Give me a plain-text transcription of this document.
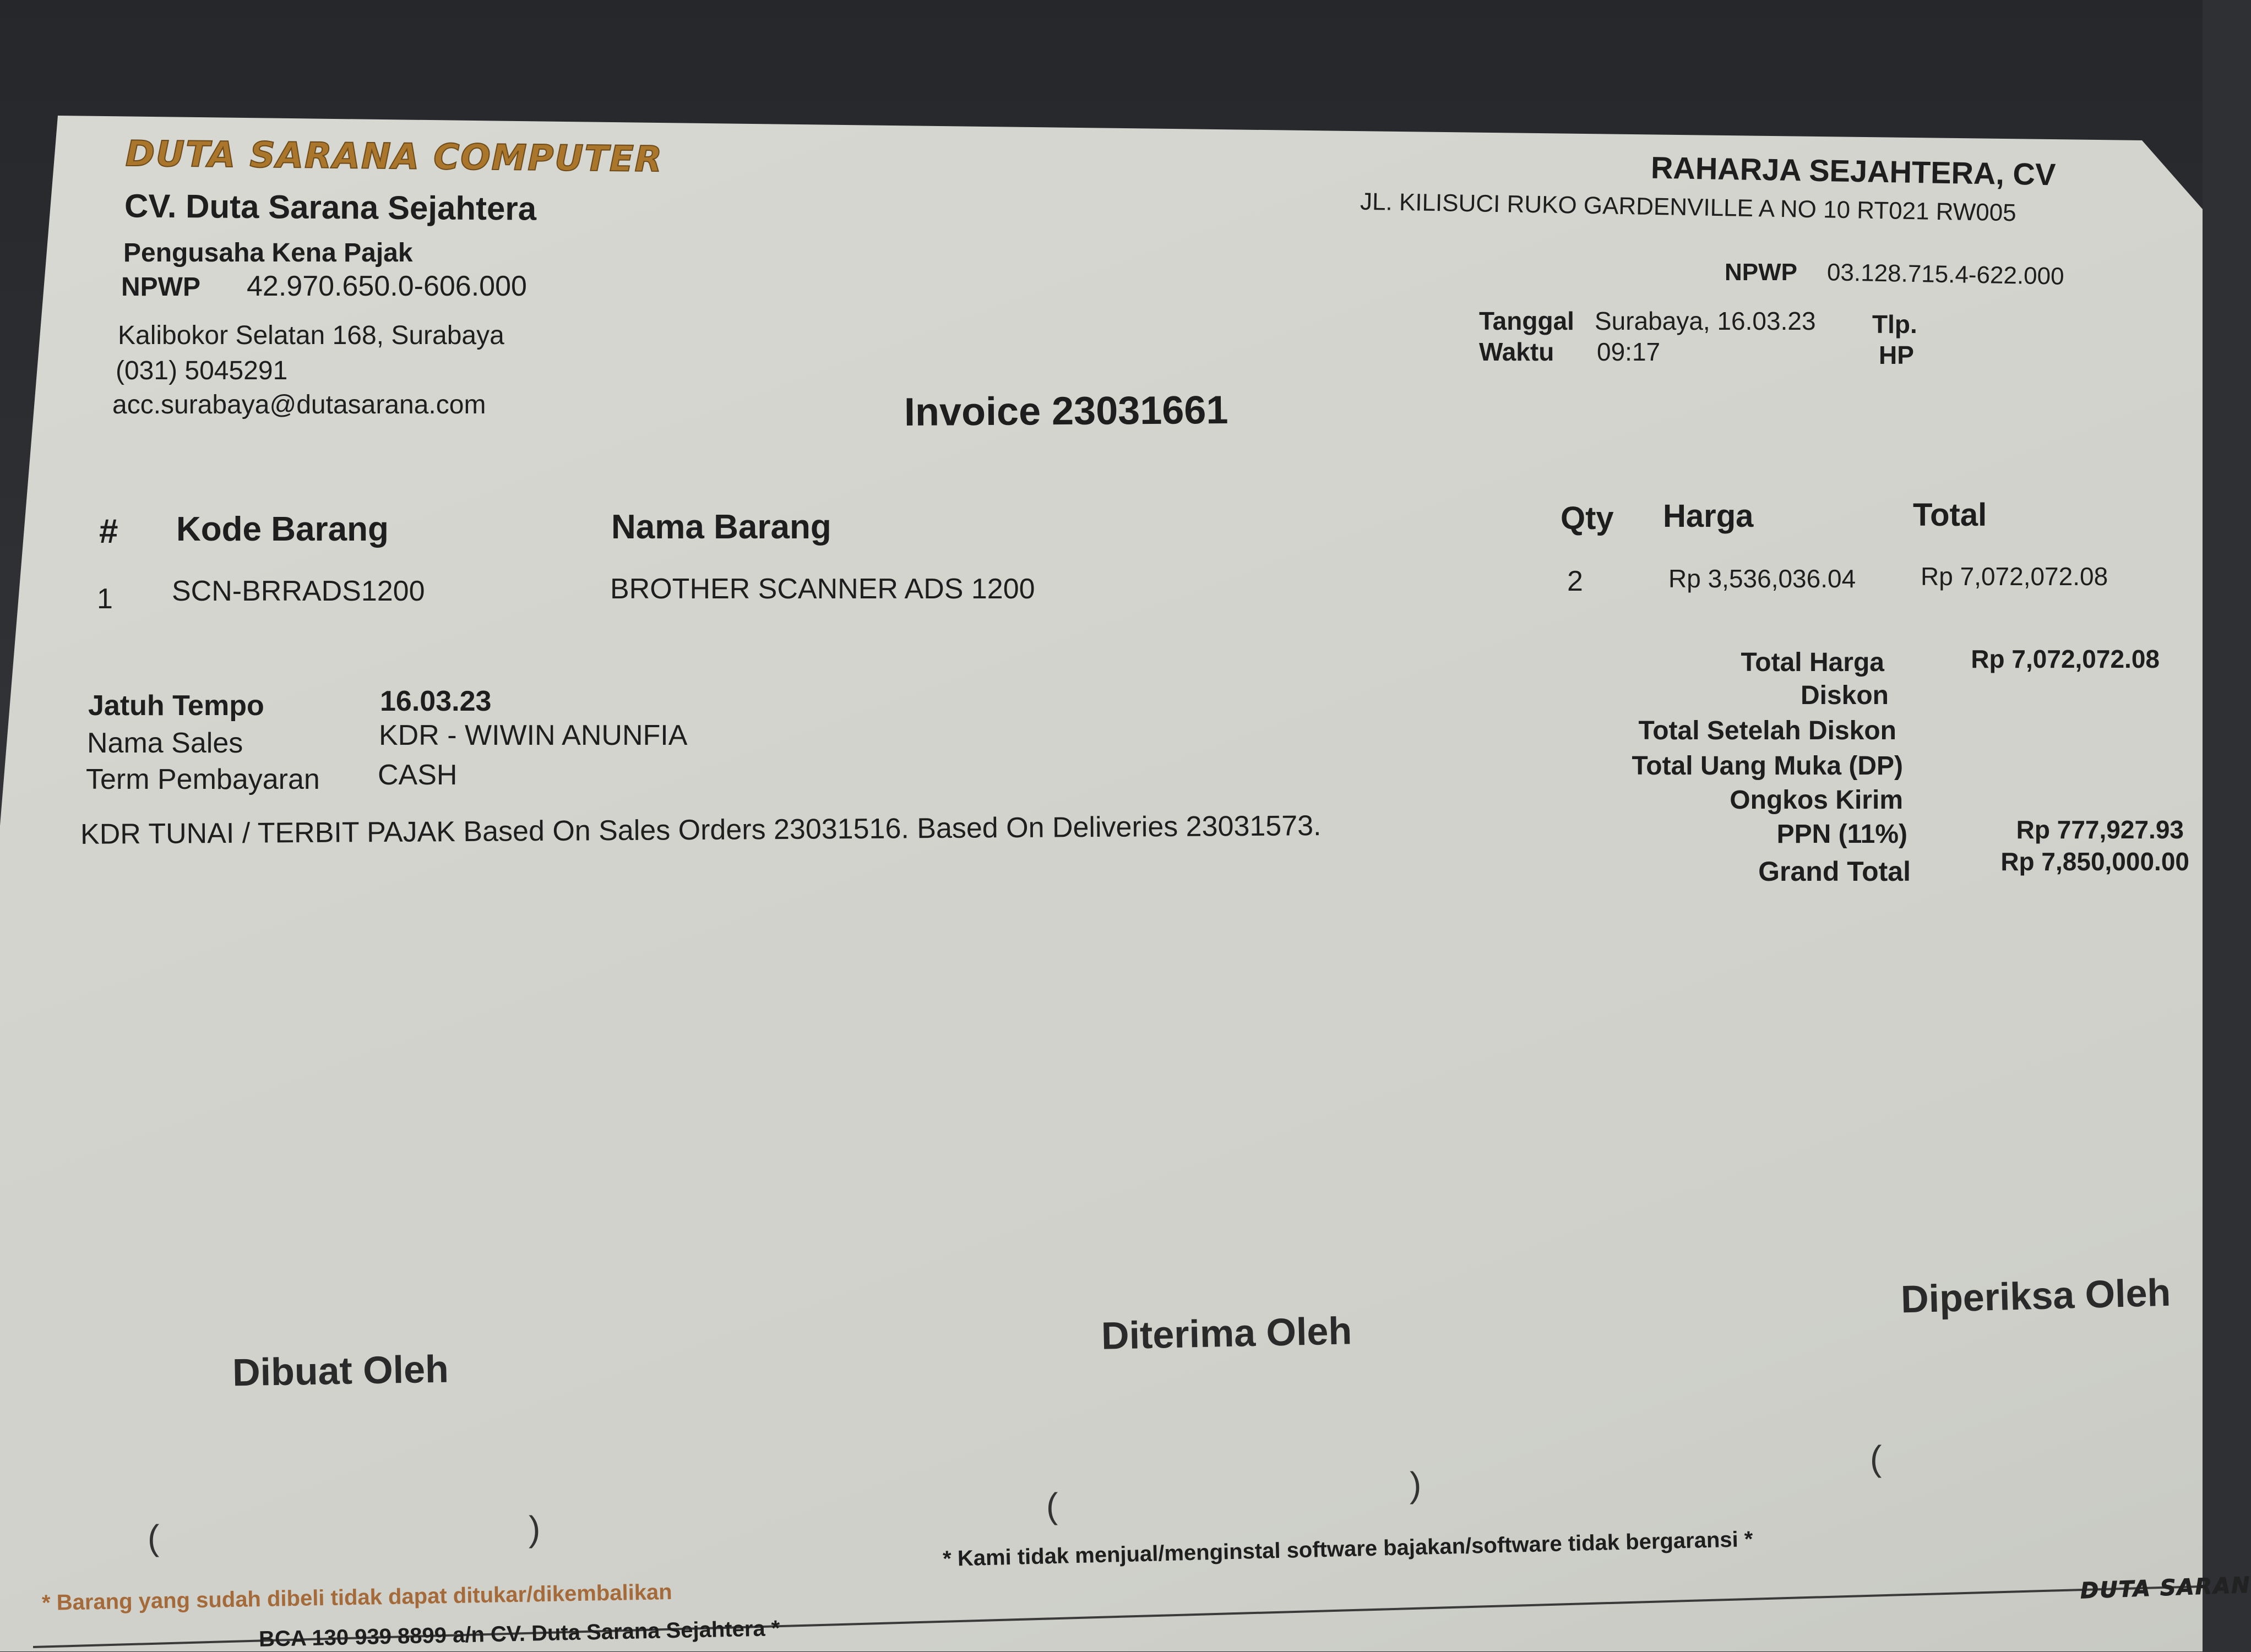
DUTA SARANA COMPUTER
CV. Duta Sarana Sejahtera
Pengusaha Kena Pajak
NPWP 42.970.650.0-606.000
Kalibokor Selatan 168, Surabaya
(031) 5045291
acc.surabaya@dutasarana.com
RAHARJA SEJAHTERA, CV
JL. KILISUCI RUKO GARDENVILLE A NO 10 RT021 RW005
NPWP 03.128.715.4-622.000
Tanggal Surabaya, 16.03.23 Tlp.
Waktu 09:17	HP
Invoice 23031661
# Kode Barang	Nama Barang	Qty Harga	Total
1 SCN-BRRADS1200	BROTHER SCANNER ADS 1200	2	Rp 3,536,036.04	Rp 7,072,072.08
Jatuh Tempo	16.03.23
Nama Sales	KDR - WIWIN ANUNFIA
Term Pembayaran CASH
KDR TUNAI / TERBIT PAJAK Based On Sales Orders 23031516. Based On Deliveries 23031573.
Total Harga	Rp 7,072,072.08
Diskon
Total Setelah Diskon
Total Uang Muka (DP)
Ongkos Kirim
PPN (11%)	Rp 777,927.93
Grand Total	Rp 7,850,000.00
Dibuat Oleh
Diterima Oleh
Diperiksa Oleh
(	)
(
)
(
* Kami tidak menjual/menginstal software bajakan/software tidak bergaransi *
* Barang yang sudah dibeli tidak dapat ditukar/dikembalikan
BCA 130 939 8899 a/n CV. Duta Sarana Sejahtera *
DUTA SARAN
